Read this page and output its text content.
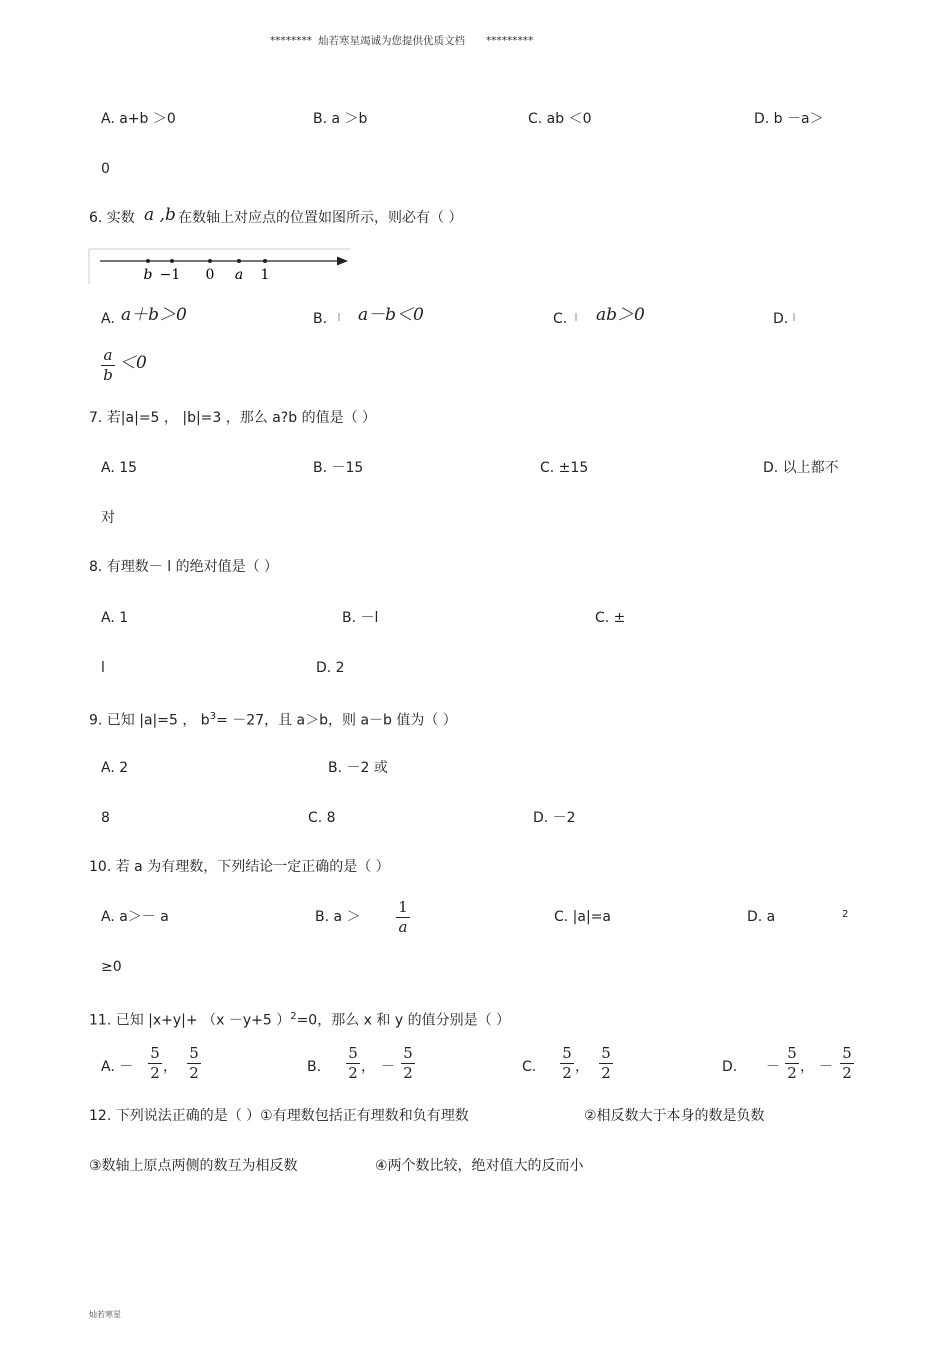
******** 灿若寒星竭诚为您提供优质文档 *********
A. a+b ＞0	B. a ＞b	C. ab ＜0	D. b －a＞
0
6. 实数 a ,b 在数轴上对应点的位置如图所示，则必有（ ）
b −1 0 a 1
A. a＋b＞0	B. a－b＜0	C. ab＞0	D.
a
b
＜0
7. 若|a|=5 ， |b|=3 ，那么 a?b 的值是（ ）
A. 15	B. －15	C. ±15	D. 以上都不
对
8. 有理数－ l 的绝对值是（ ）
A. 1	B. －l	C. ±
l	D. 2
9. 已知 |a|=5 ， $b^3= -27$，且 a＞b，则 a－b 值为（ ）
A. 2	B. －2 或
8	C. 8	D. －2
10. 若 a 为有理数，下列结论一定正确的是（ ）
A. a＞－ a	B. a ＞
1
a
C. |a|=a	D. a	2
≥0
11. 已知 |x+y|+ （x －y+5 ）$^2$=0，那么 x 和 y 的值分别是（ ）
A. －
5
2 ，
5
2	B.
5
2 ， －
5
2	C.
5
2 ，
5
2	D. －
5
2 ， －
5
2
12. 下列说法正确的是（ ）①有理数包括正有理数和负有理数	②相反数大于本身的数是负数
③数轴上原点两侧的数互为相反数	④两个数比较，绝对值大的反而小
灿若寒星
